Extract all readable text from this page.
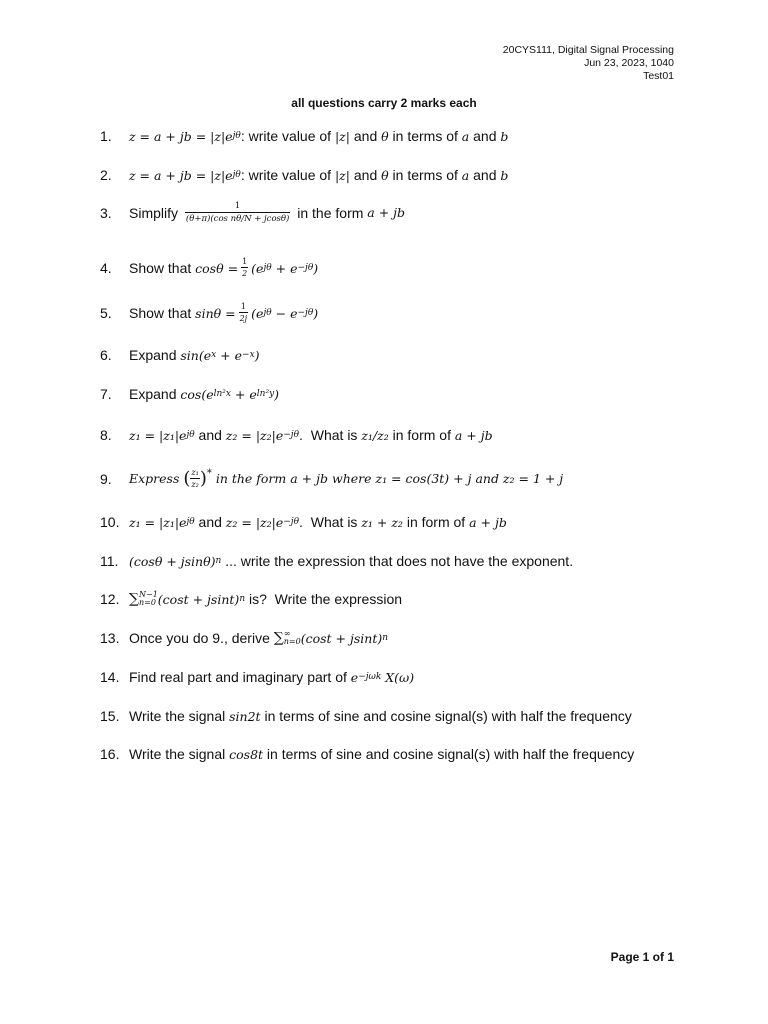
20CYS111, Digital Signal Processing
Jun 23, 2023, 1040
Test01
all questions carry 2 marks each
1.	z = a + jb = |z|e jθ : write value of |z| and θ in terms of a and b
2.	z = a + jb = |z|e jθ : write value of |z| and θ in terms of a and b
3.	Simplify $\frac{1}{\text{(θ+π)(cos nθ/N + jcosθ)}}$ in the form a + jb
4.	Show that $\cos\theta = \frac{1}{2} (e$ jθ + e −jθ )
5.	Show that $\sin\theta = \frac{1}{2j} (e$ jθ − e −jθ )
6.	Expand sin(e x + e −x )
7.	Expand cos(e ln²x + e ln²y )
8.	z₁ = |z₁|e jθ and z₂ = |z₂|e −jθ . What is z₁/z₂ in form of a + jb
9.	Express ( $\frac{\text{z₁}}{\text{z₂}} )^*$ in the form a + jb where z₁ = cos(3t) + j and z₂ = 1 + j
10. z₁ = |z₁|e jθ and z₂ = |z₂|e −jθ . What is z₁ + z₂ in form of a + jb
11. (cosθ + jsinθ) n ... write the expression that does not have the exponent.
12. ∑ N−1
n=0 (cost + jsint) n is?  Write the expression
13. Once you do 9., derive ∑ ∞
n=0 (cost + jsint) n
14. Find real part and imaginary part of e −jωk X(ω)
15. Write the signal sin2t in terms of sine and cosine signal(s) with half the frequency
16. Write the signal cos8t in terms of sine and cosine signal(s) with half the frequency
Page 1 of 1
